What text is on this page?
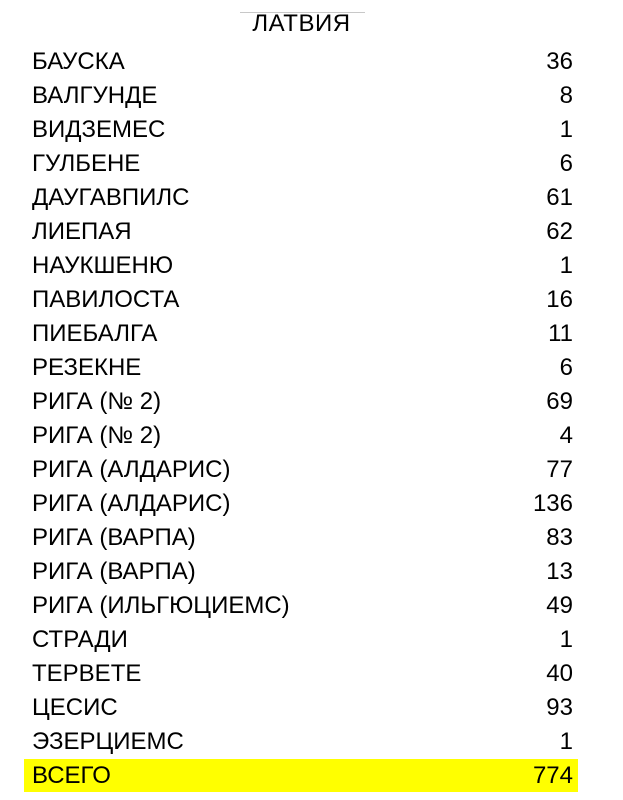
ЛАТВИЯ
БАУСКА	36
ВАЛГУНДЕ	8
ВИДЗЕМЕС	1
ГУЛБЕНЕ	6
ДАУГАВПИЛС	61
ЛИЕПАЯ	62
НАУКШЕНЮ	1
ПАВИЛОСТА	16
ПИЕБАЛГА	11
РЕЗЕКНЕ	6
РИГА (№ 2)	69
РИГА (№ 2)	4
РИГА (АЛДАРИС)	77
РИГА (АЛДАРИС)	136
РИГА (ВАРПА)	83
РИГА (ВАРПА)	13
РИГА (ИЛЬГЮЦИЕМС)	49
СТРАДИ	1
ТЕРВЕТЕ	40
ЦЕСИС	93
ЭЗЕРЦИЕМС	1
ВСЕГО	774
